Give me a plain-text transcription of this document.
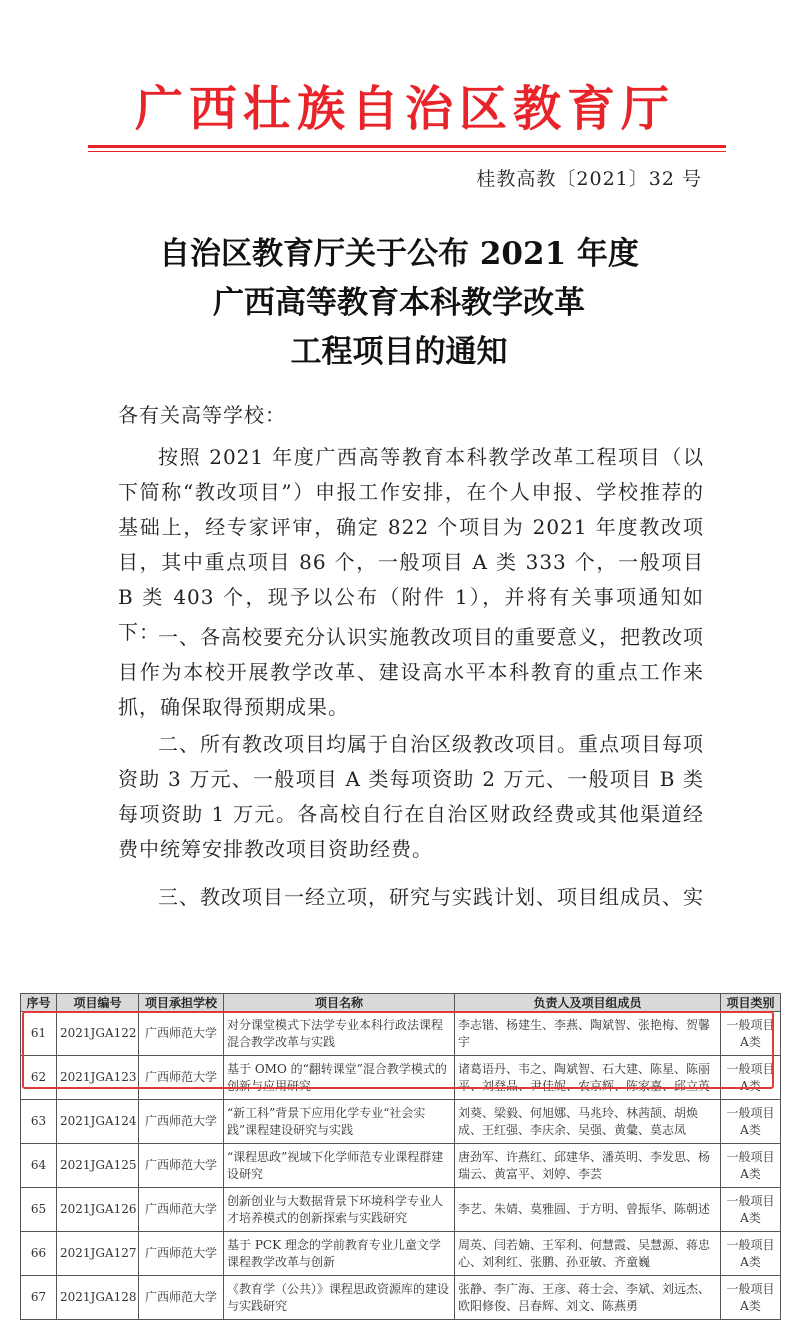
广西壮族自治区教育厅
桂教高教〔2021〕32 号
自治区教育厅关于公布 2021 年度
广西高等教育本科教学改革
工程项目的通知
各有关高等学校：
按照 2021 年度广西高等教育本科教学改革工程项目（以下简称“教改项目”）申报工作安排，在个人申报、学校推荐的基础上，经专家评审，确定 822 个项目为 2021 年度教改项目，其中重点项目 86 个，一般项目 A 类 333 个，一般项目 B 类 403 个，现予以公布（附件 1），并将有关事项通知如下：
一、各高校要充分认识实施教改项目的重要意义，把教改项目作为本校开展教学改革、建设高水平本科教育的重点工作来抓，确保取得预期成果。
二、所有教改项目均属于自治区级教改项目。重点项目每项资助 3 万元、一般项目 A 类每项资助 2 万元、一般项目 B 类每项资助 1 万元。各高校自行在自治区财政经费或其他渠道经费中统筹安排教改项目资助经费。
三、教改项目一经立项，研究与实践计划、项目组成员、实
序号	项目编号	项目承担学校	项目名称	负责人及项目组成员	项目类别
61	2021JGA122	广西师范大学	对分课堂模式下法学专业本科行政法课程混合教学改革与实践	李志锴、杨建生、李燕、陶斌智、张艳梅、贺馨宇	一般项目A类
62	2021JGA123	广西师范大学	基于 OMO 的“翻转课堂”混合教学模式的创新与应用研究	诸葛语丹、韦之、陶斌智、石大建、陈星、陈丽平、刘登品、尹佳妮、农京辉、陈家嘉、邱立英	一般项目A类
63	2021JGA124	广西师范大学	“新工科”背景下应用化学专业“社会实践”课程建设研究与实践	刘葵、梁毅、何旭娜、马兆玲、林茜颉、胡焕成、王红强、李庆余、吴强、黄彙、莫志凤	一般项目A类
64	2021JGA125	广西师范大学	“课程思政”视域下化学师范专业课程群建设研究	唐劲军、许燕红、邱建华、潘英明、李发思、杨瑞云、黄富平、刘婷、李芸	一般项目A类
65	2021JGA126	广西师范大学	创新创业与大数据背景下环境科学专业人才培养模式的创新探索与实践研究	李艺、朱婧、莫雅圆、于方明、曾振华、陈朝述	一般项目A类
66	2021JGA127	广西师范大学	基于 PCK 理念的学前教育专业儿童文学课程教学改革与创新	周英、闫若婻、王军利、何慧霞、吴慧源、蒋忠心、刘利红、张鹏、孙亚敏、齐童巍	一般项目A类
67	2021JGA128	广西师范大学	《教育学（公共）》课程思政资源库的建设与实践研究	张静、李广海、王彦、蒋士会、李斌、刘远杰、欧阳修俊、吕春辉、刘文、陈燕勇	一般项目A类
